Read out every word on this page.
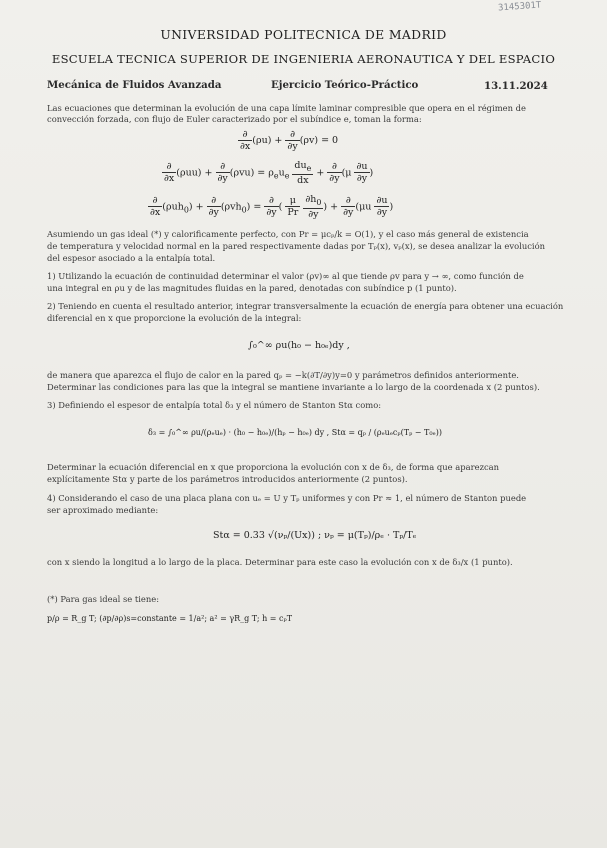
3145301T
UNIVERSIDAD POLITECNICA DE MADRID
ESCUELA TECNICA SUPERIOR DE INGENIERIA AERONAUTICA Y DEL ESPACIO
Mecánica de Fluidos Avanzada	Ejercicio Teórico-Práctico	13.11.2024
Las ecuaciones que determinan la evolución de una capa límite laminar compresible que opera en el régimen de
convección forzada, con flujo de Euler caracterizado por el subíndice e, toman la forma:
$\frac{\partial}{\partial x} (\rho u) + \frac{\partial}{\partial y} (\rho v) = 0$
$\frac{\partial}{\partial x} (\rho uu) + \frac{\partial}{\partial y} (\rho vu) = \rho_eu_e \frac{du_e}{dx} + \frac{\partial}{\partial y} (\mu \frac{\partial u}{\partial y}$ )
$\frac{\partial}{\partial x} (\rho uh_0) + \frac{\partial}{\partial y} (\rho vh_0) = \frac{\partial}{\partial y}$ ( $\frac{\mu}{Pr}$
$\frac{\partial h_0}{\partial y}$ ) + $\frac{\partial}{\partial y} (\mu u \frac{\partial u}{\partial y}$ )
Asumiendo un gas ideal (*) y calorificamente perfecto, con Pr = μcₚ/k = O(1), y el caso más general de existencia
de temperatura y velocidad normal en la pared respectivamente dadas por Tₚ(x), vₚ(x), se desea analizar la evolución
del espesor asociado a la entalpía total.
1) Utilizando la ecuación de continuidad determinar el valor (ρv)∞ al que tiende ρv para y → ∞, como función de
una integral en ρu y de las magnitudes fluidas en la pared, denotadas con subíndice p (1 punto).
2) Teniendo en cuenta el resultado anterior, integrar transversalmente la ecuación de energía para obtener una ecuación
diferencial en x que proporcione la evolución de la integral:
∫₀^∞ ρu(h₀ − h₀ₑ)dy ,
de manera que aparezca el flujo de calor en la pared qₚ = −k(∂T/∂y)y=0 y parámetros definidos anteriormente.
Determinar las condiciones para las que la integral se mantiene invariante a lo largo de la coordenada x (2 puntos).
3) Definiendo el espesor de entalpía total δ₃ y el número de Stanton Stα como:
δ₃ = ∫₀^∞ ρu/(ρₑuₑ) · (h₀ − h₀ₑ)/(hₚ − h₀ₑ) dy , Stα = qₚ / (ρₑuₑcₚ(Tₚ − T₀ₑ))
Determinar la ecuación diferencial en x que proporciona la evolución con x de δ₃, de forma que aparezcan
explícitamente Stα y parte de los parámetros introducidos anteriormente (2 puntos).
4) Considerando el caso de una placa plana con uₑ = U y Tₚ uniformes y con Pr ≈ 1, el número de Stanton puede
ser aproximado mediante:
Stα = 0.33 √(νₚ/(Ux)) ; νₚ = μ(Tₚ)/ρₑ · Tₚ/Tₑ
con x siendo la longitud a lo largo de la placa. Determinar para este caso la evolución con x de δ₃/x (1 punto).
(*) Para gas ideal se tiene:
p/ρ = R_g T; (∂p/∂ρ)s=constante = 1/a²; a² = γR_g T; h = cₚT
